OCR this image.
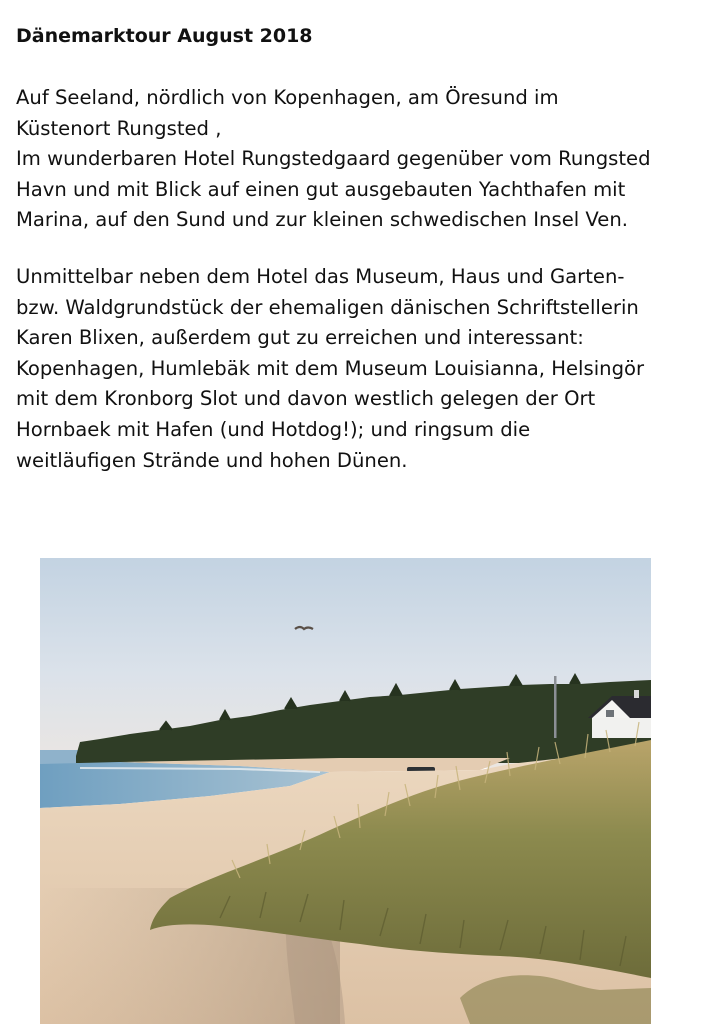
Dänemarktour August 2018
Auf Seeland, nördlich von Kopenhagen, am Öresund im
Küstenort Rungsted ,
Im wunderbaren Hotel Rungstedgaard gegenüber vom Rungsted
Havn und mit Blick auf einen gut ausgebauten Yachthafen mit
Marina, auf den Sund und zur kleinen schwedischen Insel Ven.
Unmittelbar neben dem Hotel das Museum, Haus und Garten-
bzw. Waldgrundstück der ehemaligen dänischen Schriftstellerin
Karen Blixen, außerdem gut zu erreichen und interessant:
Kopenhagen, Humlebäk mit dem Museum Louisianna, Helsingör
mit dem Kronborg Slot und davon westlich gelegen der Ort
Hornbaek mit Hafen (und Hotdog!); und ringsum die
weitläufigen Strände und hohen Dünen.
